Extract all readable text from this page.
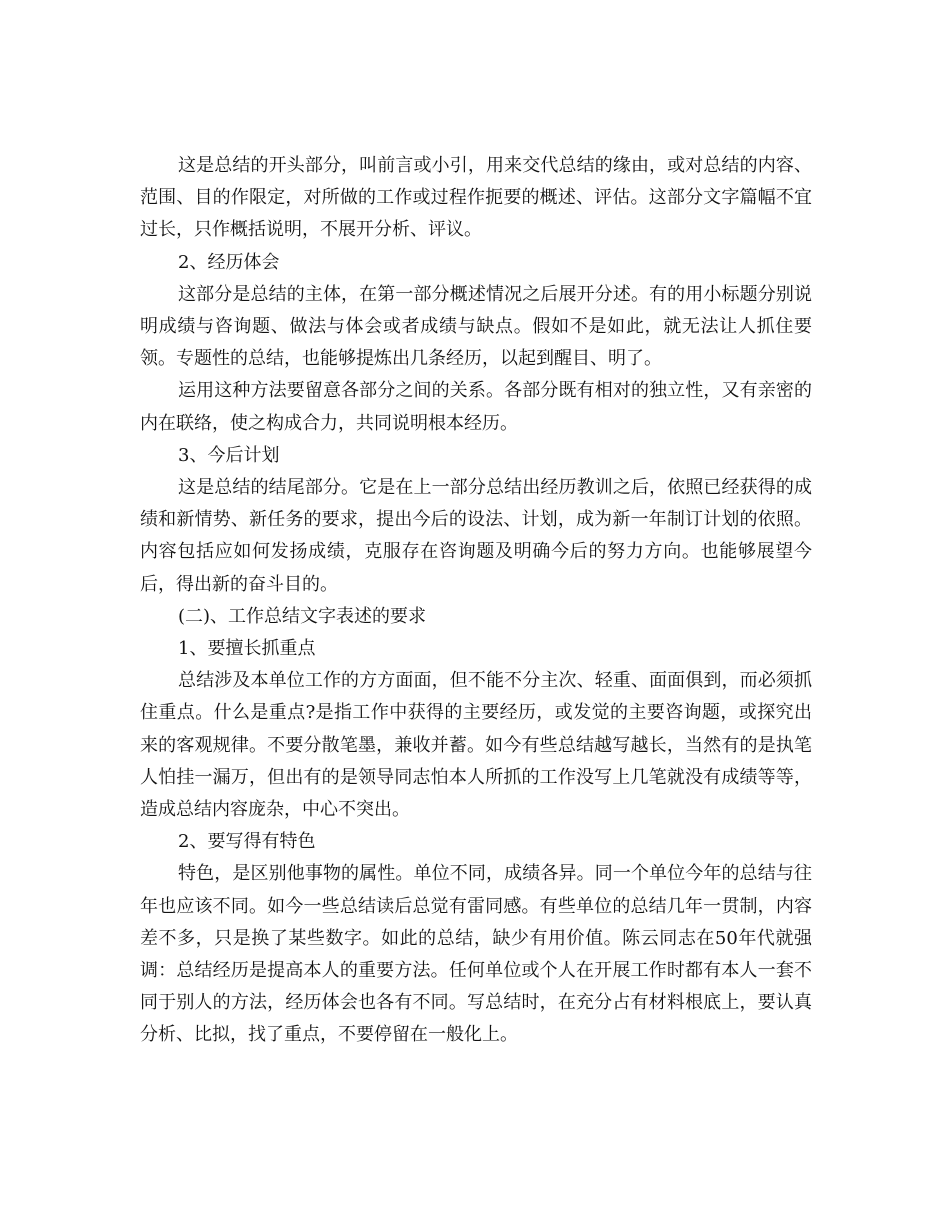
这是总结的开头部分，叫前言或小引，用来交代总结的缘由，或对总结的内容、范围、目的作限定，对所做的工作或过程作扼要的概述、评估。这部分文字篇幅不宜过长，只作概括说明，不展开分析、评议。

2、经历体会

这部分是总结的主体，在第一部分概述情况之后展开分述。有的用小标题分别说明成绩与咨询题、做法与体会或者成绩与缺点。假如不是如此，就无法让人抓住要领。专题性的总结，也能够提炼出几条经历，以起到醒目、明了。

运用这种方法要留意各部分之间的关系。各部分既有相对的独立性，又有亲密的内在联络，使之构成合力，共同说明根本经历。

3、今后计划

这是总结的结尾部分。它是在上一部分总结出经历教训之后，依照已经获得的成绩和新情势、新任务的要求，提出今后的设法、计划，成为新一年制订计划的依照。内容包括应如何发扬成绩，克服存在咨询题及明确今后的努力方向。也能够展望今后，得出新的奋斗目的。

(二)、工作总结文字表述的要求

1、要擅长抓重点

总结涉及本单位工作的方方面面，但不能不分主次、轻重、面面俱到，而必须抓住重点。什么是重点?是指工作中获得的主要经历，或发觉的主要咨询题，或探究出来的客观规律。不要分散笔墨，兼收并蓄。如今有些总结越写越长，当然有的是执笔人怕挂一漏万，但出有的是领导同志怕本人所抓的工作没写上几笔就没有成绩等等，造成总结内容庞杂，中心不突出。

2、要写得有特色

特色，是区别他事物的属性。单位不同，成绩各异。同一个单位今年的总结与往年也应该不同。如今一些总结读后总觉有雷同感。有些单位的总结几年一贯制，内容差不多，只是换了某些数字。如此的总结，缺少有用价值。陈云同志在50年代就强调：总结经历是提高本人的重要方法。任何单位或个人在开展工作时都有本人一套不同于别人的方法，经历体会也各有不同。写总结时，在充分占有材料根底上，要认真分析、比拟，找了重点，不要停留在一般化上。
